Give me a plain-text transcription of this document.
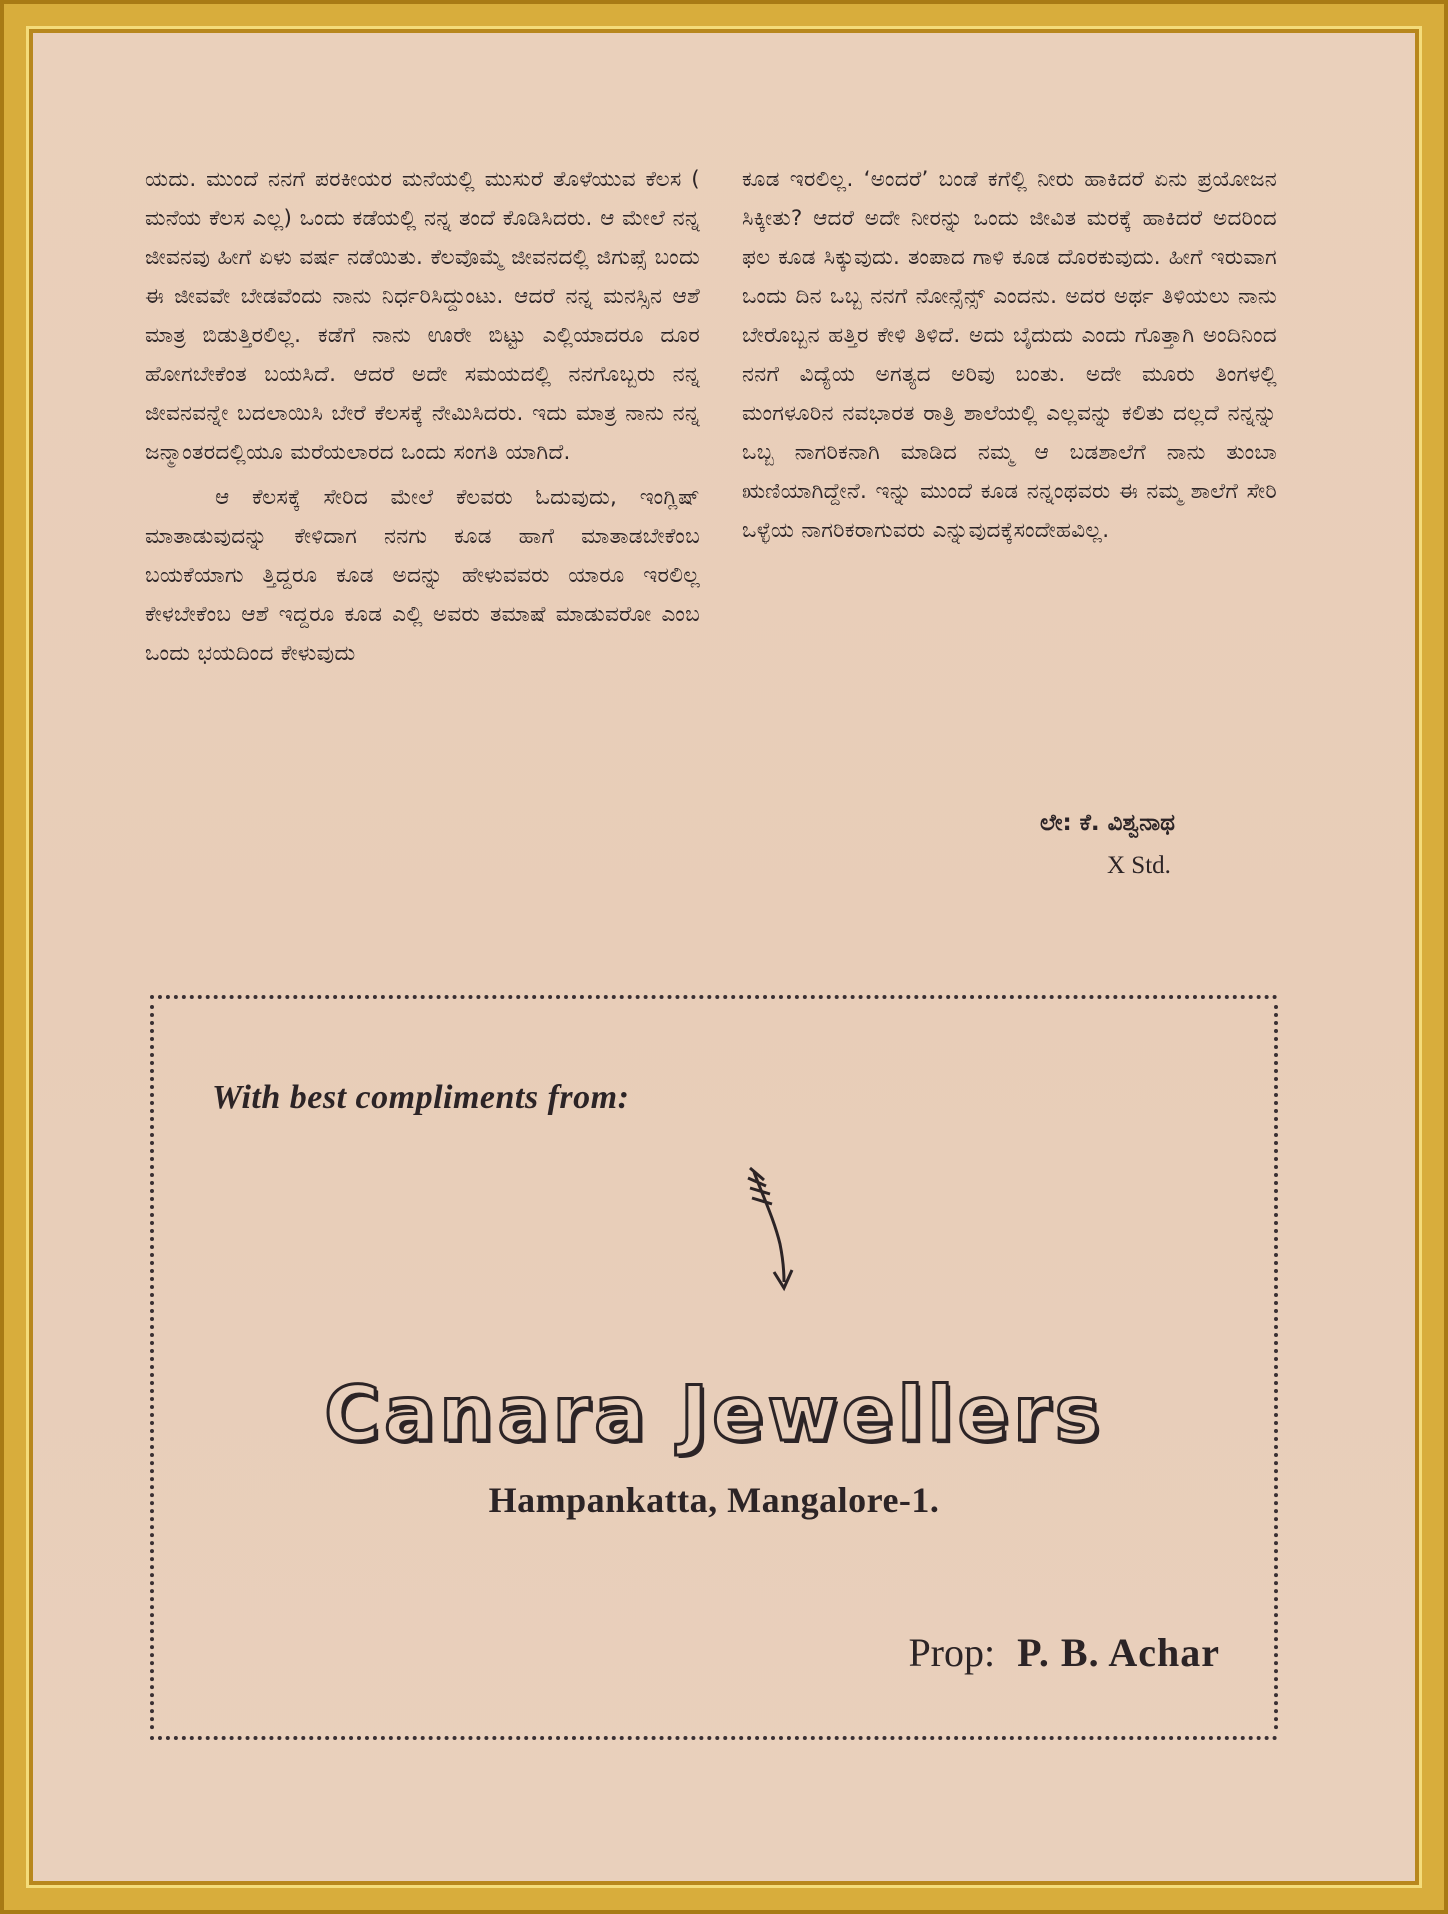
ಯದು. ಮುಂದೆ ನನಗೆ ಪರಕೀಯರ ಮನೆಯಲ್ಲಿ ಮುಸುರೆ ತೊಳೆಯುವ ಕೆಲಸ ( ಮನೆಯ ಕೆಲಸ ಎಲ್ಲ) ಒಂದು ಕಡೆಯಲ್ಲಿ ನನ್ನ ತಂದೆ ಕೊಡಿಸಿದರು. ಆ ಮೇಲೆ ನನ್ನ ಜೀವನವು ಹೀಗೆ ಏಳು ವರ್ಷ ನಡೆಯಿತು. ಕೆಲವೊಮ್ಮೆ ಜೀವನದಲ್ಲಿ ಜಿಗುಪ್ಸೆ ಬಂದು ಈ ಜೀವವೇ ಬೇಡವೆಂದು ನಾನು ನಿರ್ಧರಿಸಿದ್ದುಂಟು. ಆದರೆ ನನ್ನ ಮನಸ್ಸಿನ ಆಶೆ ಮಾತ್ರ ಬಿಡುತ್ತಿರಲಿಲ್ಲ. ಕಡೆಗೆ ನಾನು ಊರೇ ಬಿಟ್ಟು ಎಲ್ಲಿಯಾದರೂ ದೂರ ಹೋಗಬೇಕೆಂತ ಬಯಸಿದೆ. ಆದರೆ ಅದೇ ಸಮಯದಲ್ಲಿ ನನಗೊಬ್ಬರು ನನ್ನ ಜೀವನವನ್ನೇ ಬದಲಾಯಿಸಿ ಬೇರೆ ಕೆಲಸಕ್ಕೆ ನೇಮಿಸಿದರು. ಇದು ಮಾತ್ರ ನಾನು ನನ್ನ ಜನ್ಮಾಂತರದಲ್ಲಿಯೂ ಮರೆಯಲಾರದ ಒಂದು ಸಂಗತಿ ಯಾಗಿದೆ.

ಆ ಕೆಲಸಕ್ಕೆ ಸೇರಿದ ಮೇಲೆ ಕೆಲವರು ಓದುವುದು, ಇಂಗ್ಲಿಷ್ ಮಾತಾಡುವುದನ್ನು ಕೇಳಿದಾಗ ನನಗು ಕೂಡ ಹಾಗೆ ಮಾತಾಡಬೇಕೆಂಬ ಬಯಕೆಯಾಗು ತ್ತಿದ್ದರೂ ಕೂಡ ಅದನ್ನು ಹೇಳುವವರು ಯಾರೂ ಇರಲಿಲ್ಲ ಕೇಳಬೇಕೆಂಬ ಆಶೆ ಇದ್ದರೂ ಕೂಡ ಎಲ್ಲಿ ಅವರು ತಮಾಷೆ ಮಾಡುವರೋ ಎಂಬ ಒಂದು ಭಯದಿಂದ ಕೇಳುವುದು

ಕೂಡ ಇರಲಿಲ್ಲ. ‘ಅಂದರೆ’ ಬಂಡೆ ಕಗೆಲ್ಲಿ ನೀರು ಹಾಕಿದರೆ ಏನು ಪ್ರಯೋಜನ ಸಿಕ್ಕೀತು? ಆದರೆ ಅದೇ ನೀರನ್ನು ಒಂದು ಜೀವಿತ ಮರಕ್ಕೆ ಹಾಕಿದರೆ ಅದರಿಂದ ಫಲ ಕೂಡ ಸಿಕ್ಕುವುದು. ತಂಪಾದ ಗಾಳಿ ಕೂಡ ದೊರಕುವುದು. ಹೀಗೆ ಇರುವಾಗ ಒಂದು ದಿನ ಒಬ್ಬ ನನಗೆ ನೋನ್ಸೆನ್ಸ್ ಎಂದನು. ಅದರ ಅರ್ಥ ತಿಳಿಯಲು ನಾನು ಬೇರೊಬ್ಬನ ಹತ್ತಿರ ಕೇಳಿ ತಿಳಿದೆ. ಅದು ಬೈದುದು ಎಂದು ಗೊತ್ತಾಗಿ ಅಂದಿನಿಂದ ನನಗೆ ವಿದ್ಯೆಯ ಅಗತ್ಯದ ಅರಿವು ಬಂತು. ಅದೇ ಮೂರು ತಿಂಗಳಲ್ಲಿ ಮಂಗಳೂರಿನ ನವಭಾರತ ರಾತ್ರಿ ಶಾಲೆಯಲ್ಲಿ ಎಲ್ಲವನ್ನು ಕಲಿತು ದಲ್ಲದೆ ನನ್ನನ್ನು ಒಬ್ಬ ನಾಗರಿಕನಾಗಿ ಮಾಡಿದ ನಮ್ಮ ಆ ಬಡಶಾಲೆಗೆ ನಾನು ತುಂಬಾ ಋಣಿಯಾಗಿದ್ದೇನೆ. ಇನ್ನು ಮುಂದೆ ಕೂಡ ನನ್ನಂಥವರು ಈ ನಮ್ಮ ಶಾಲೆಗೆ ಸೇರಿ ಒಳ್ಳೆಯ ನಾಗರಿಕರಾಗುವರು ಎನ್ನುವುದಕ್ಕೆಸಂದೇಹವಿಲ್ಲ.

ಲೇ: ಕೆ. ವಿಶ್ವನಾಥ
X Std.
With best compliments from:
Canara Jewellers
Hampankatta, Mangalore-1.
Prop: P. B. Achar
